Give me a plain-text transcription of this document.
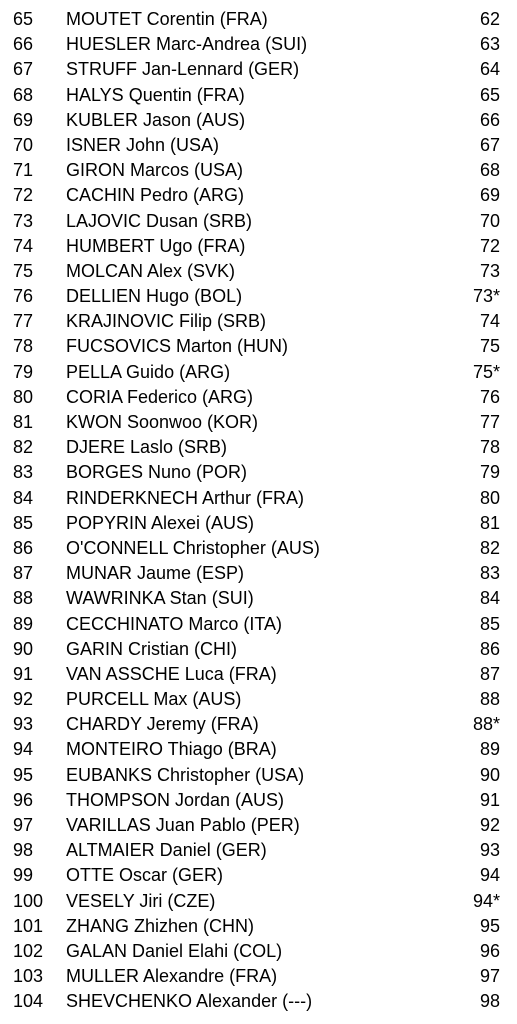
65 MOUTET Corentin (FRA)	62
66 HUESLER Marc-Andrea (SUI)	63
67 STRUFF Jan-Lennard (GER)	64
68 HALYS Quentin (FRA)	65
69 KUBLER Jason (AUS)	66
70 ISNER John (USA)	67
71 GIRON Marcos (USA)	68
72 CACHIN Pedro (ARG)	69
73 LAJOVIC Dusan (SRB)	70
74 HUMBERT Ugo (FRA)	72
75 MOLCAN Alex (SVK)	73
76 DELLIEN Hugo (BOL)	73*
77 KRAJINOVIC Filip (SRB)	74
78 FUCSOVICS Marton (HUN)	75
79 PELLA Guido (ARG)	75*
80 CORIA Federico (ARG)	76
81 KWON Soonwoo (KOR)	77
82 DJERE Laslo (SRB)	78
83 BORGES Nuno (POR)	79
84 RINDERKNECH Arthur (FRA)	80
85 POPYRIN Alexei (AUS)	81
86 O'CONNELL Christopher (AUS)	82
87 MUNAR Jaume (ESP)	83
88 WAWRINKA Stan (SUI)	84
89 CECCHINATO Marco (ITA)	85
90 GARIN Cristian (CHI)	86
91 VAN ASSCHE Luca (FRA)	87
92 PURCELL Max (AUS)	88
93 CHARDY Jeremy (FRA)	88*
94 MONTEIRO Thiago (BRA)	89
95 EUBANKS Christopher (USA)	90
96 THOMPSON Jordan (AUS)	91
97 VARILLAS Juan Pablo (PER)	92
98 ALTMAIER Daniel (GER)	93
99 OTTE Oscar (GER)	94
100 VESELY Jiri (CZE)	94*
101 ZHANG Zhizhen (CHN)	95
102 GALAN Daniel Elahi (COL)	96
103 MULLER Alexandre (FRA)	97
104 SHEVCHENKO Alexander (---)	98
